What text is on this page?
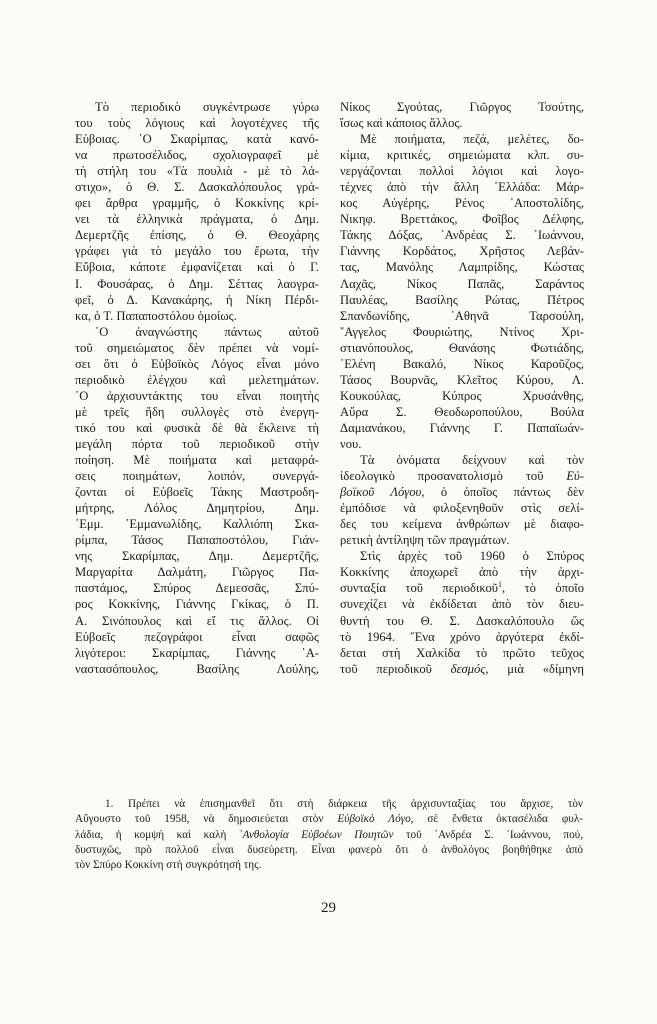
Τὸ περιοδικὸ συγκέντρωσε γύρω
του τοὺς λόγιους καὶ λογοτέχνες τῆς
Εὐβοιας. ῾Ο Σκαρίμπας, κατὰ κανό-
να πρωτοσέλιδος, σχολιογραφεῖ μὲ
τὴ στήλη του «Τὰ πουλιὰ - μὲ τὸ λά-
στιχο», ὁ Θ. Σ. Δασκαλόπουλος γρά-
φει ἄρθρα γραμμῆς, ὁ Κοκκίνης κρί-
νει τὰ ἑλληνικὰ πράγματα, ὁ Δημ.
Δεμερτζῆς ἐπίσης, ὁ Θ. Θεοχάρης
γράφει γιὰ τὸ μεγάλο του ἔρωτα, τὴν
Εὔβοια, κάποτε ἐμφανίζεται καὶ ὁ Γ.
Ι. Φουσάρας, ὁ Δημ. Σέττας λαογρα-
φεῖ, ὁ Δ. Κανακάρης, ἡ Νίκη Πέρδι-
κα, ὁ Τ. Παπαποστόλου ὁμοίως.
῾Ο ἀναγνώστης πάντως αὐτοῦ
τοῦ σημειώματος δὲν πρέπει νὰ νομί-
σει ὅτι ὁ Εὐβοϊκὸς Λόγος εἶναι μόνο
περιοδικὸ ἐλέγχου καὶ μελετημάτων.
῾Ο ἀρχισυντάκτης του εἶναι ποιητὴς
μὲ τρεῖς ἤδη συλλογὲς στὸ ἐνεργη-
τικό του καὶ φυσικὰ δὲ θὰ ἔκλεινε τὴ
μεγάλη πόρτα τοῦ περιοδικοῦ στὴν
ποίηση. Μὲ ποιήματα καὶ μεταφρά-
σεις ποιημάτων, λοιπόν, συνεργά-
ζονται οἱ Εὐβοεῖς Τάκης Μαστροδη-
μήτρης, Λόλος Δημητρίου, Δημ.
᾿Εμμ. ᾿Εμμανωλίδης, Καλλιόπη Σκα-
ρίμπα, Τάσος Παπαποστόλου, Γιάν-
νης Σκαρίμπας, Δημ. Δεμερτζῆς,
Μαργαρίτα Δαλμάτη, Γιῶργος Πα-
παστάμος, Σπύρος Δεμεσσᾶς, Σπύ-
ρος Κοκκίνης, Γιάννης Γκίκας, ὁ Π.
Α. Σινόπουλος καὶ εἴ τις ἄλλος. Οἱ
Εὐβοεῖς πεζογράφοι εἶναι σαφῶς
λιγότεροι: Σκαρίμπας, Γιάννης ᾿Α-
ναστασόπουλος, Βασίλης Λούλης,
Νίκος Σγούτας, Γιῶργος Τσούτης,
ἴσως καὶ κάποιος ἄλλος.
Μὲ ποιήματα, πεζά, μελέτες, δο-
κίμια, κριτικές, σημειώματα κλπ. συ-
νεργάζονται πολλοὶ λόγιοι καὶ λογο-
τέχνες ἀπὸ τὴν ἄλλη ῾Ελλάδα: Μάρ-
κος Αὐγέρης, Ρένος ᾿Αποστολίδης,
Νικηφ. Βρεττάκος, Φοῖβος Δέλφης,
Τάκης Δόξας, ᾿Ανδρέας Σ. ᾿Ιωάννου,
Γιάννης Κορδάτος, Χρῆστος Λεβάν-
τας, Μανόλης Λαμπρίδης, Κώστας
Λαχᾶς, Νίκος Παπᾶς, Σαράντος
Παυλέας, Βασίλης Ρώτας, Πέτρος
Σπανδωνίδης, ᾿Αθηνᾶ Ταρσούλη,
῎Αγγελος Φουριώτης, Ντίνος Χρι-
στιανόπουλος, Θανάσης Φωτιάδης,
῾Ελένη Βακαλό, Νίκος Καροῦζος,
Τάσος Βουρνᾶς, Κλεῖτος Κύρου, Λ.
Κουκούλας, Κύπρος Χρυσάνθης,
Αὔρα Σ. Θεοδωροπούλου, Βούλα
Δαμιανάκου, Γιάννης Γ. Παπαϊωάν-
νου.
Τὰ ὀνόματα δείχνουν καὶ τὸν
ἰδεολογικὸ προσανατολισμὸ τοῦ Εὐ-
βοϊκοῦ Λόγου, ὁ ὁποῖος πάντως δὲν
ἐμπόδισε νὰ φιλοξενηθοῦν στὶς σελί-
δες του κείμενα ἀνθρώπων μὲ διαφο-
ρετικὴ ἀντίληψη τῶν πραγμάτων.
Στὶς ἀρχὲς τοῦ 1960 ὁ Σπύρος
Κοκκίνης ἀποχωρεῖ ἀπὸ τὴν ἀρχι-
συνταξία τοῦ περιοδικοῦ$^1$, τὸ ὁποῖο
συνεχίζει νὰ ἐκδίδεται ἀπὸ τὸν διευ-
θυντὴ του Θ. Σ. Δασκαλόπουλο ὥς
τὸ 1964. ῞Ενα χρόνο ἀργότερα ἐκδί-
δεται στὴ Χαλκίδα τὸ πρῶτο τεῦχος
τοῦ περιοδικοῦ δεσμός, μιὰ «δίμηνη
1. Πρέπει νὰ ἐπισημανθεῖ ὅτι στὴ διάρκεια τῆς ἀρχισυνταξίας του ἄρχισε, τὸν
Αὔγουστο τοῦ 1958, νὰ δημοσιεύεται στὸν Εὐβοϊκὸ Λόγο, σὲ ἔνθετα ὀκτασέλιδα φυλ-
λάδια, ἡ κομψὴ καὶ καλὴ ᾿Ανθολογία Εὐβοέων Ποιητῶν τοῦ ᾿Ανδρέα Σ. ᾿Ιωάννου, πού,
δυστυχῶς, πρὸ πολλοῦ εἶναι δυσεύρετη. Εἶναι φανερὸ ὅτι ὁ ἀνθολόγος βοηθήθηκε ἀπὸ
τὸν Σπύρο Κοκκίνη στὴ συγκρότησή της.
29
